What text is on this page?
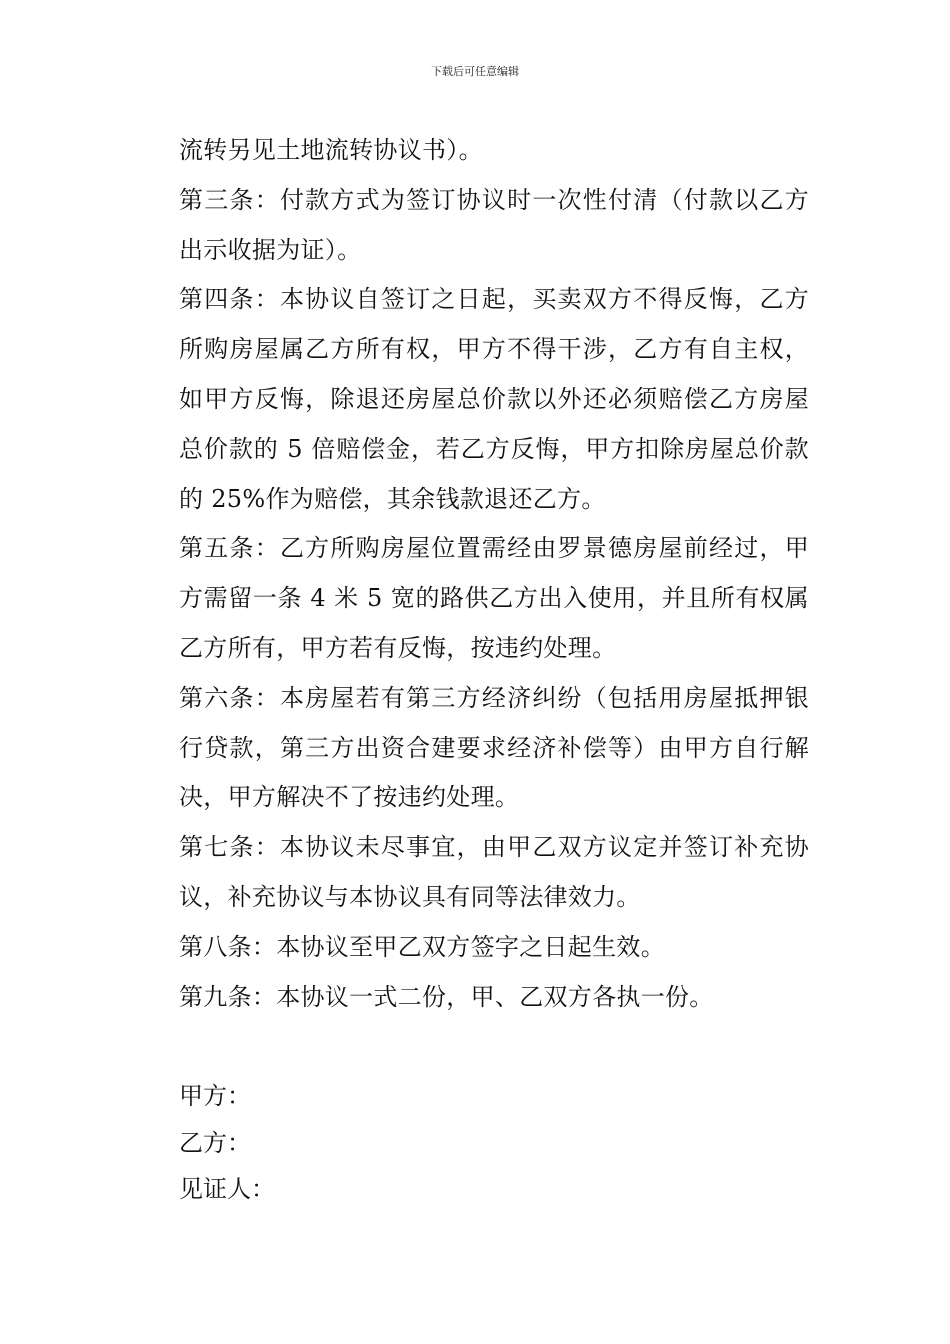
下载后可任意编辑

流转另见土地流转协议书）。

第三条：付款方式为签订协议时一次性付清（付款以乙方出示收据为证）。

第四条：本协议自签订之日起，买卖双方不得反悔，乙方所购房屋属乙方所有权，甲方不得干涉，乙方有自主权，如甲方反悔，除退还房屋总价款以外还必须赔偿乙方房屋总价款的 5 倍赔偿金，若乙方反悔，甲方扣除房屋总价款的 25%作为赔偿，其余钱款退还乙方。

第五条：乙方所购房屋位置需经由罗景德房屋前经过，甲方需留一条 4 米 5 宽的路供乙方出入使用，并且所有权属乙方所有，甲方若有反悔，按违约处理。

第六条：本房屋若有第三方经济纠纷（包括用房屋抵押银行贷款，第三方出资合建要求经济补偿等）由甲方自行解决，甲方解决不了按违约处理。

第七条：本协议未尽事宜，由甲乙双方议定并签订补充协议，补充协议与本协议具有同等法律效力。

第八条：本协议至甲乙双方签字之日起生效。

第九条：本协议一式二份，甲、乙双方各执一份。

甲方：

乙方：

见证人：
